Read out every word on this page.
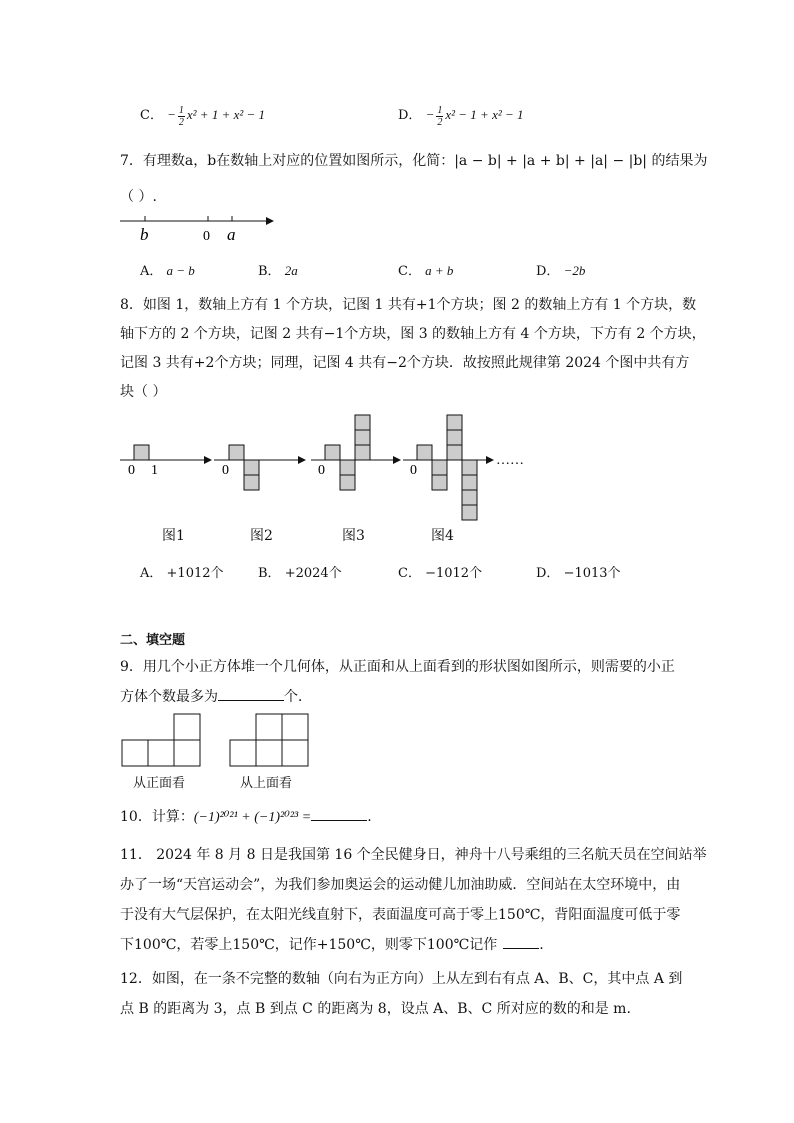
C． − $\frac{1}{2} x^2 + 1 + x^2 - 1$	D． − $\frac{1}{2} x^2 - 1 + x^2 - 1$
7．有理数a，b在数轴上对应的位置如图所示，化简：|a − b| + |a + b| + |a| − |b| 的结果为
（ ）.
b	0 a
A． a − b	B． 2a	C． a + b	D． −2b
8．如图 1，数轴上方有 1 个方块，记图 1 共有+1个方块；图 2 的数轴上方有 1 个方块，数
轴下方的 2 个方块，记图 2 共有−1个方块，图 3 的数轴上方有 4 个方块，下方有 2 个方块，
记图 3 共有+2个方块；同理，记图 4 共有−2个方块．故按照此规律第 2024 个图中共有方
块（ ）
0 1	0	0	0
……
图1	图2	图3	图4
A． +1012个	B． +2024个	C． −1012个	D． −1013个
二、填空题
9．用几个小正方体堆一个几何体，从正面和从上面看到的形状图如图所示，则需要的小正
方体个数最多为	个．
从正面看	从上面看
10．计算：(−1)²⁰²¹ + (−1)²⁰²³ =	.
11． 2024 年 8 月 8 日是我国第 16 个全民健身日，神舟十八号乘组的三名航天员在空间站举
办了一场“天宫运动会”，为我们参加奥运会的运动健儿加油助威．空间站在太空环境中，由
于没有大气层保护，在太阳光线直射下，表面温度可高于零上150℃，背阳面温度可低于零
下100℃，若零上150℃，记作+150℃，则零下100℃记作	.
12．如图，在一条不完整的数轴（向右为正方向）上从左到右有点 A、B、C，其中点 A 到
点 B 的距离为 3，点 B 到点 C 的距离为 8，设点 A、B、C 所对应的数的和是 m.
